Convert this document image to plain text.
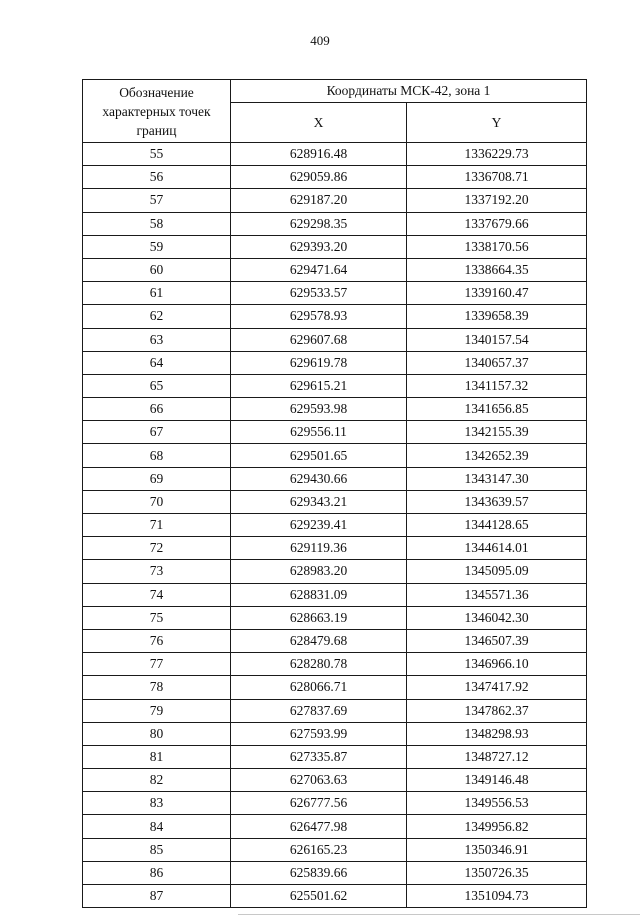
409
Обозначение характерных точек границ	Координаты МСК-42, зона 1	
	X	Y
55	628916.48	1336229.73
56	629059.86	1336708.71
57	629187.20	1337192.20
58	629298.35	1337679.66
59	629393.20	1338170.56
60	629471.64	1338664.35
61	629533.57	1339160.47
62	629578.93	1339658.39
63	629607.68	1340157.54
64	629619.78	1340657.37
65	629615.21	1341157.32
66	629593.98	1341656.85
67	629556.11	1342155.39
68	629501.65	1342652.39
69	629430.66	1343147.30
70	629343.21	1343639.57
71	629239.41	1344128.65
72	629119.36	1344614.01
73	628983.20	1345095.09
74	628831.09	1345571.36
75	628663.19	1346042.30
76	628479.68	1346507.39
77	628280.78	1346966.10
78	628066.71	1347417.92
79	627837.69	1347862.37
80	627593.99	1348298.93
81	627335.87	1348727.12
82	627063.63	1349146.48
83	626777.56	1349556.53
84	626477.98	1349956.82
85	626165.23	1350346.91
86	625839.66	1350726.35
87	625501.62	1351094.73
